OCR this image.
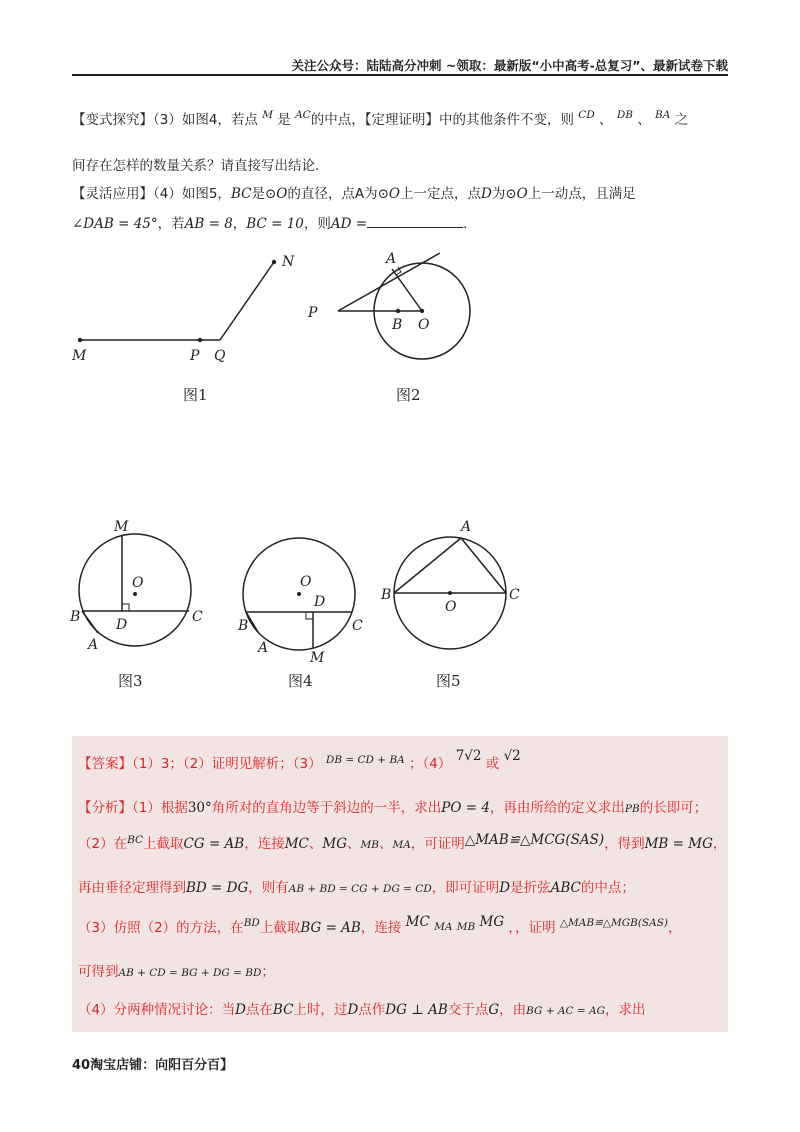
关注公众号：陆陆高分冲刺 ~领取：最新版“小中高考-总复习”、最新试卷下载
【变式探究】（3）如图4，若点 $^M$ 是 $^{AC}$的中点，【定理证明】中的其他条件不变，则 $^{CD}$ 、 $^{DB}$ 、 $^{BA}$ 之
间存在怎样的数量关系？请直接写出结论．
【灵活应用】（4）如图5，BC是⊙O的直径，点A为⊙O上一定点，点D为⊙O上一动点，且满足
∠DAB = 45°，若AB = 8，BC = 10，则AD =	.
M	P Q
N
图1
A
P
B O
图2
M
O
B	D	C
A
图3
O
D
B	C
A
M
图4
A
B
O
C
图5
【答案】（1）3；（2）证明见解析；（3） $^{DB = CD + BA}$ ；（4） 7√2 或 √2
【分析】（1）根据30°角所对的直角边等于斜边的一半，求出PO = 4，再由所给的定义求出PB的长即可；
（2）在$^{BC}$上截取CG = AB，连接MC、MG、MB、MA，可证明△MAB≌△MCG(SAS)，得到MB = MG，
再由垂径定理得到BD = DG，则有AB + BD = CG + DG = CD，即可证明D是折弦ABC的中点；
（3）仿照（2）的方法，在$^{BD}$上截取BG = AB，连接 MC MA MB MG ，，证明 $^{\triangle MAB≌\triangle MGB(SAS)}$，
可得到AB + CD = BG + DG = BD；
（4）分两种情况讨论：当D点在BC上时，过D点作DG ⊥ AB交于点G，由BG + AC = AG，求出
40淘宝店铺：向阳百分百】
